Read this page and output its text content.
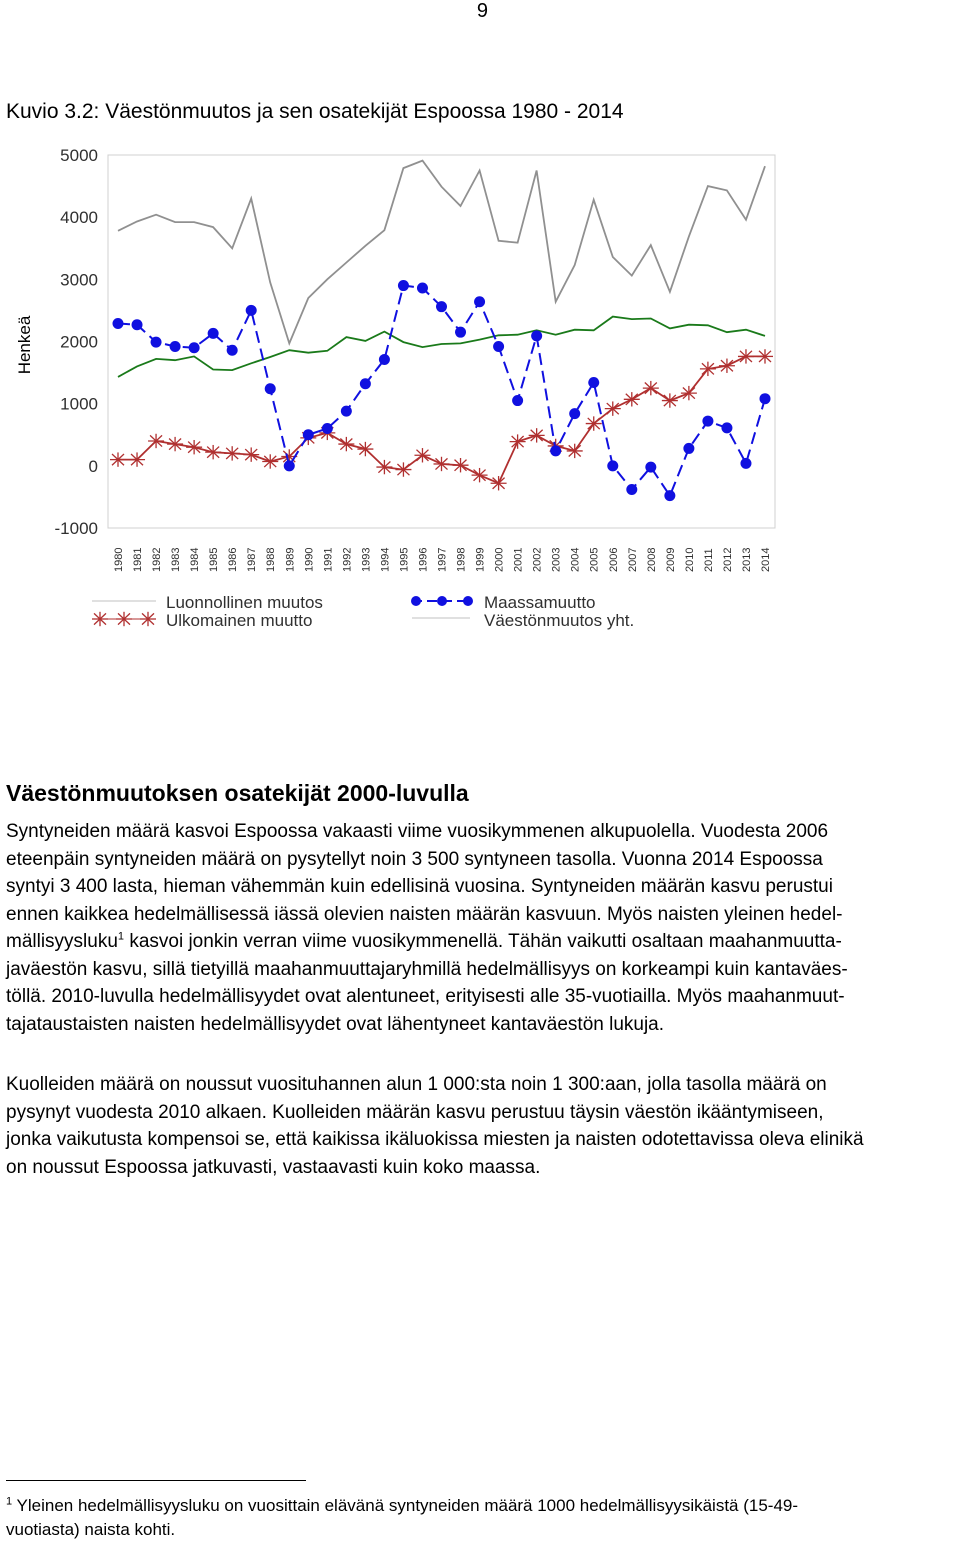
9
Kuvio 3.2: Väestönmuutos ja sen osatekijät Espoossa 1980 - 2014
-1000
0
1000
2000
3000
4000
5000
1980 1981 1982 1983 1984 1985 1986 1987 1988 1989 1990 1991 1992 1993 1994 1995 1996 1997 1998 1999 2000 2001 2002 2003 2004 2005 2006 2007 2008 2009 2010 2011 2012 2013 2014
Henkeä
Luonnollinen muutos
Ulkomainen muutto
Maassamuutto
Väestönmuutos yht.
Väestönmuutoksen osatekijät 2000-luvulla
Syntyneiden määrä kasvoi Espoossa vakaasti viime vuosikymmenen alkupuolella. Vuodesta 2006
eteenpäin syntyneiden määrä on pysytellyt noin 3 500 syntyneen tasolla. Vuonna 2014 Espoossa
syntyi 3 400 lasta, hieman vähemmän kuin edellisinä vuosina. Syntyneiden määrän kasvu perustui
ennen kaikkea hedelmällisessä iässä olevien naisten määrän kasvuun. Myös naisten yleinen hedel-
mällisyysluku$^1$ kasvoi jonkin verran viime vuosikymmenellä. Tähän vaikutti osaltaan maahanmuutta-
javäestön kasvu, sillä tietyillä maahanmuuttajaryhmillä hedelmällisyys on korkeampi kuin kantaväes-
töllä. 2010-luvulla hedelmällisyydet ovat alentuneet, erityisesti alle 35-vuotiailla. Myös maahanmuut-
tajataustaisten naisten hedelmällisyydet ovat lähentyneet kantaväestön lukuja.
Kuolleiden määrä on noussut vuosituhannen alun 1 000:sta noin 1 300:aan, jolla tasolla määrä on
pysynyt vuodesta 2010 alkaen. Kuolleiden määrän kasvu perustuu täysin väestön ikääntymiseen,
jonka vaikutusta kompensoi se, että kaikissa ikäluokissa miesten ja naisten odotettavissa oleva elinikä
on noussut Espoossa jatkuvasti, vastaavasti kuin koko maassa.
$^1$ Yleinen hedelmällisyysluku on vuosittain elävänä syntyneiden määrä 1000 hedelmällisyysikäistä (15-49-
vuotiasta) naista kohti.
